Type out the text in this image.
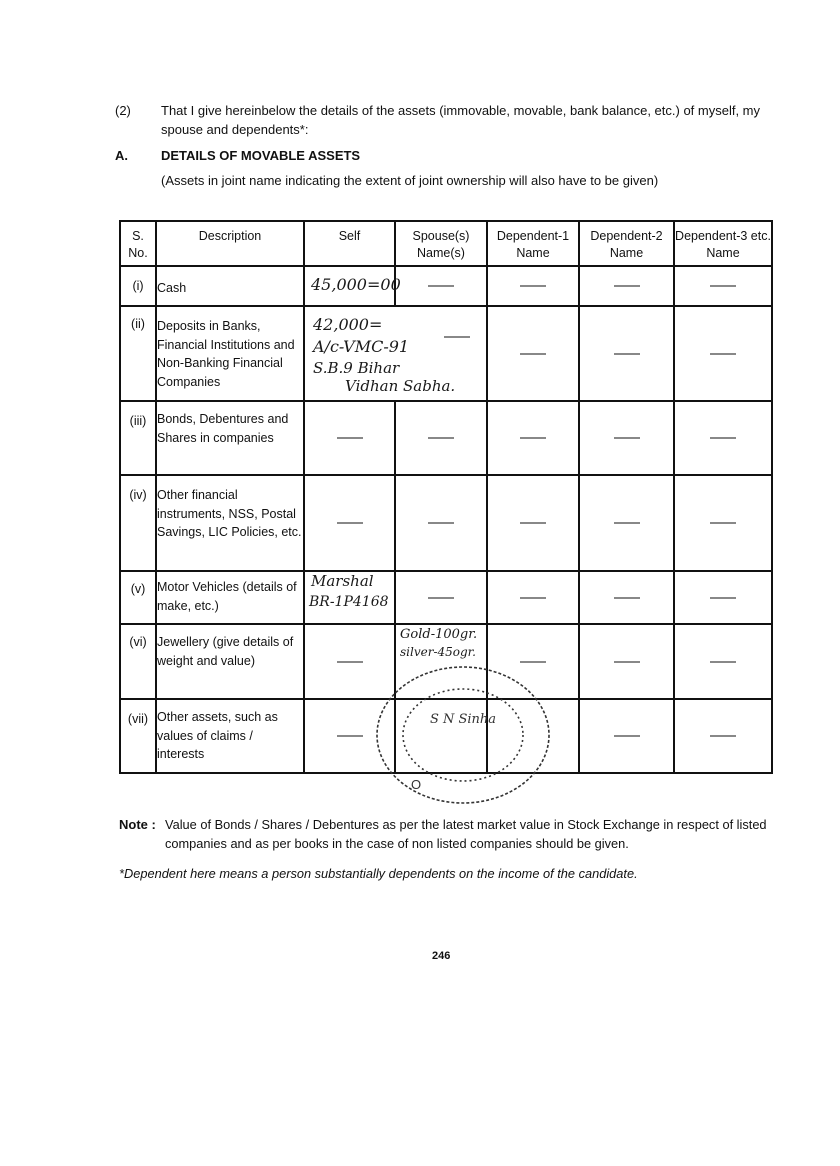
(2) That I give hereinbelow the details of the assets (immovable, movable, bank balance, etc.) of myself, my spouse and dependents*:
A.	DETAILS OF MOVABLE ASSETS
(Assets in joint name indicating the extent of joint ownership will also have to be given)
S. No.	Description	Self	Spouse(s) Name(s)	Dependent-1 Name	Dependent-2 Name	Dependent-3 etc. Name
(i)	Cash	45,000=00				

(ii)	Deposits in Banks, Financial Institutions and Non-Banking Financial Companies	42,000=
A/c-VMC-91
S.B.9 Bihar
Vidhan Sabha.				

(iii)	Bonds, Debentures and Shares in companies	

(iv)	Other financial instruments, NSS, Postal Savings, LIC Policies, etc.	

(v)	Motor Vehicles (details of make, etc.)	Marshal
BR-1P4168				

(vi)	Jewellery (give details of weight and value)		Gold-100gr.
silver-45ogr.			

(vii)	Other assets, such as values of claims / interests	

S N Sinha
O
Note : Value of Bonds / Shares / Debentures as per the latest market value in Stock Exchange in respect of listed companies and as per books in the case of non listed companies should be given.
*Dependent here means a person substantially dependents on the income of the candidate.
246
